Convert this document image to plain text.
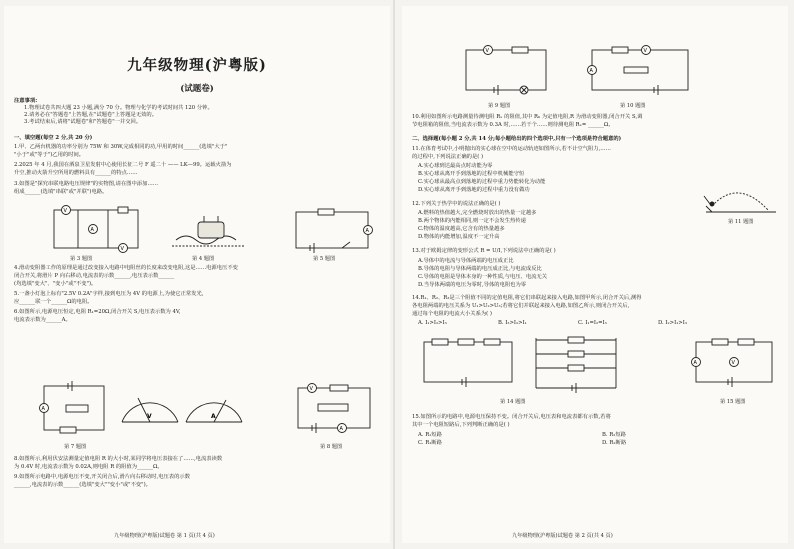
九年级物理(沪粤版)
(试题卷)
注意事项:
1.物理试卷共四大题 23 小题,满分 70 分。物理与化学的考试时间共 120 分钟。
2.请务必在"答题卷"上答题,在"试题卷"上答题是无效的。
3.考试结束后,请将"试题卷"和"答题卷"一并交回。
一、填空题(每空 2 分,共 20 分)
1.甲、乙两台机器的功率分别为 75W 和 30W,完成相同的功,甲用的时间______(选填"大于"
"小于"或"等于")乙用的时间。
2.2025 年 4 月,我国在酒泉卫星发射中心使用长征二号 F 遥二十 —— LK—99。运载火箭为
升空,推动火箭升空所用的燃料具有______的特点……
3.如图是"探究串联电路电压规律"的实物图,请在图中添加……
组成______(选填"串联"或"并联")电路。
V
A
V
A
第 3 题图	第 4 题图	第 5 题图
4.滑动变阻器工作的原理是通过改变接入电路中电阻丝的长度来改变电阻,这是……电源电压不变
闭合开关,将滑片 P 向右移动,电流表的示数______,电压表示数______
(均选填"变大"、"变小"或"不变")。
5.一盏小灯泡上标有"2.5V 0.2A"字样,接到电压为 4V 的电源上,为使它正常发光,
应______联一个______Ω的电阻。
6.如图所示,电源电压恒定,电阻 R₁=20Ω,闭合开关 S,电压表示数为 4V,
电流表示数为______A。
A
V	A
V
A
第 7 题图	第 8 题图
8.如图所示,利用伏安法测量定值电阻 R 的大小时,某同学将电压表接在了……,电流表读数
为 0.4V 时,电流表示数为 0.02A,则电阻 R 的阻值为______Ω。
9.如图所示电路中,电源电压不变,开关闭合后,滑片向右移动时,电压表的示数
______,电流表的示数______(选填"变大""变小"或"不变")。
九年级物理(沪粤版)试题卷 第 1 页(共 4 页)
V	V
A
第 9 题图	第 10 题图
10.利用如图所示电路测量待测电阻 Rₓ 的阻值,其中 R₀ 为定值电阻,R 为滑动变阻器,闭合开关 S,调
节电阻箱的阻值,当电流表示数为 0.3A 时,……若干个……则待测电阻 Rₓ= ______Ω。
二、选择题(每小题 2 分,共 14 分;每小题给出的四个选项中,只有一个选项是符合题意的)
11.在体育考试中,小明抛出的实心球在空中的运动轨迹如图所示,若不计空气阻力,……
的过程中,下列说法正确的是( )
A.实心球到达最高点时动能为零
B.实心球从离开手到落地的过程中机械能守恒
C.实心球从最高点到落地的过程中重力势能转化为动能
D.实心球从离开手到落地的过程中重力没有做功
第 11 题图
12.下列关于热学中的说法正确的是( )
A.燃料的热值越大,完全燃烧时放出的热量一定越多
B.两个物体的内能相同,则一定不会发生热传递
C.物体的温度越高,它含有的热量越多
D.物体的内能增加,温度不一定升高
13.对于欧姆定律的变形公式 R = U/I,下列说法中正确的是( )
A.导体中的电流与导体两端的电压成正比
B.导体的电阻与导体两端的电压成正比,与电流成反比
C.导体的电阻是导体本身的一种性质,与电压、电流无关
D.当导体两端的电压为零时,导体的电阻也为零
14.R₁、R₂、R₃是三个阻值不同的定值电阻,将它们串联起来接入电路,如图甲所示,闭合开关后,测得
各电阻两端的电压关系为 U₁>U₂>U₃;若将它们并联起来接入电路,如图乙所示,则闭合开关后,
通过每个电阻的电流大小关系为( )
A. I₁>I₂>I₃	B. I₃>I₂>I₁	C. I₁=I₂=I₃	D. I₂>I₁>I₃
V
A
第 14 题图	第 15 题图
15.如图所示的电路中,电源电压保持不变。闭合开关后,电压表和电流表都有示数,若将
其中一个电阻短路后,下列判断正确的是( )
A. R₁短路	B. R₂短路
C. R₁断路	D. R₂断路
九年级物理(沪粤版)试题卷 第 2 页(共 4 页)
